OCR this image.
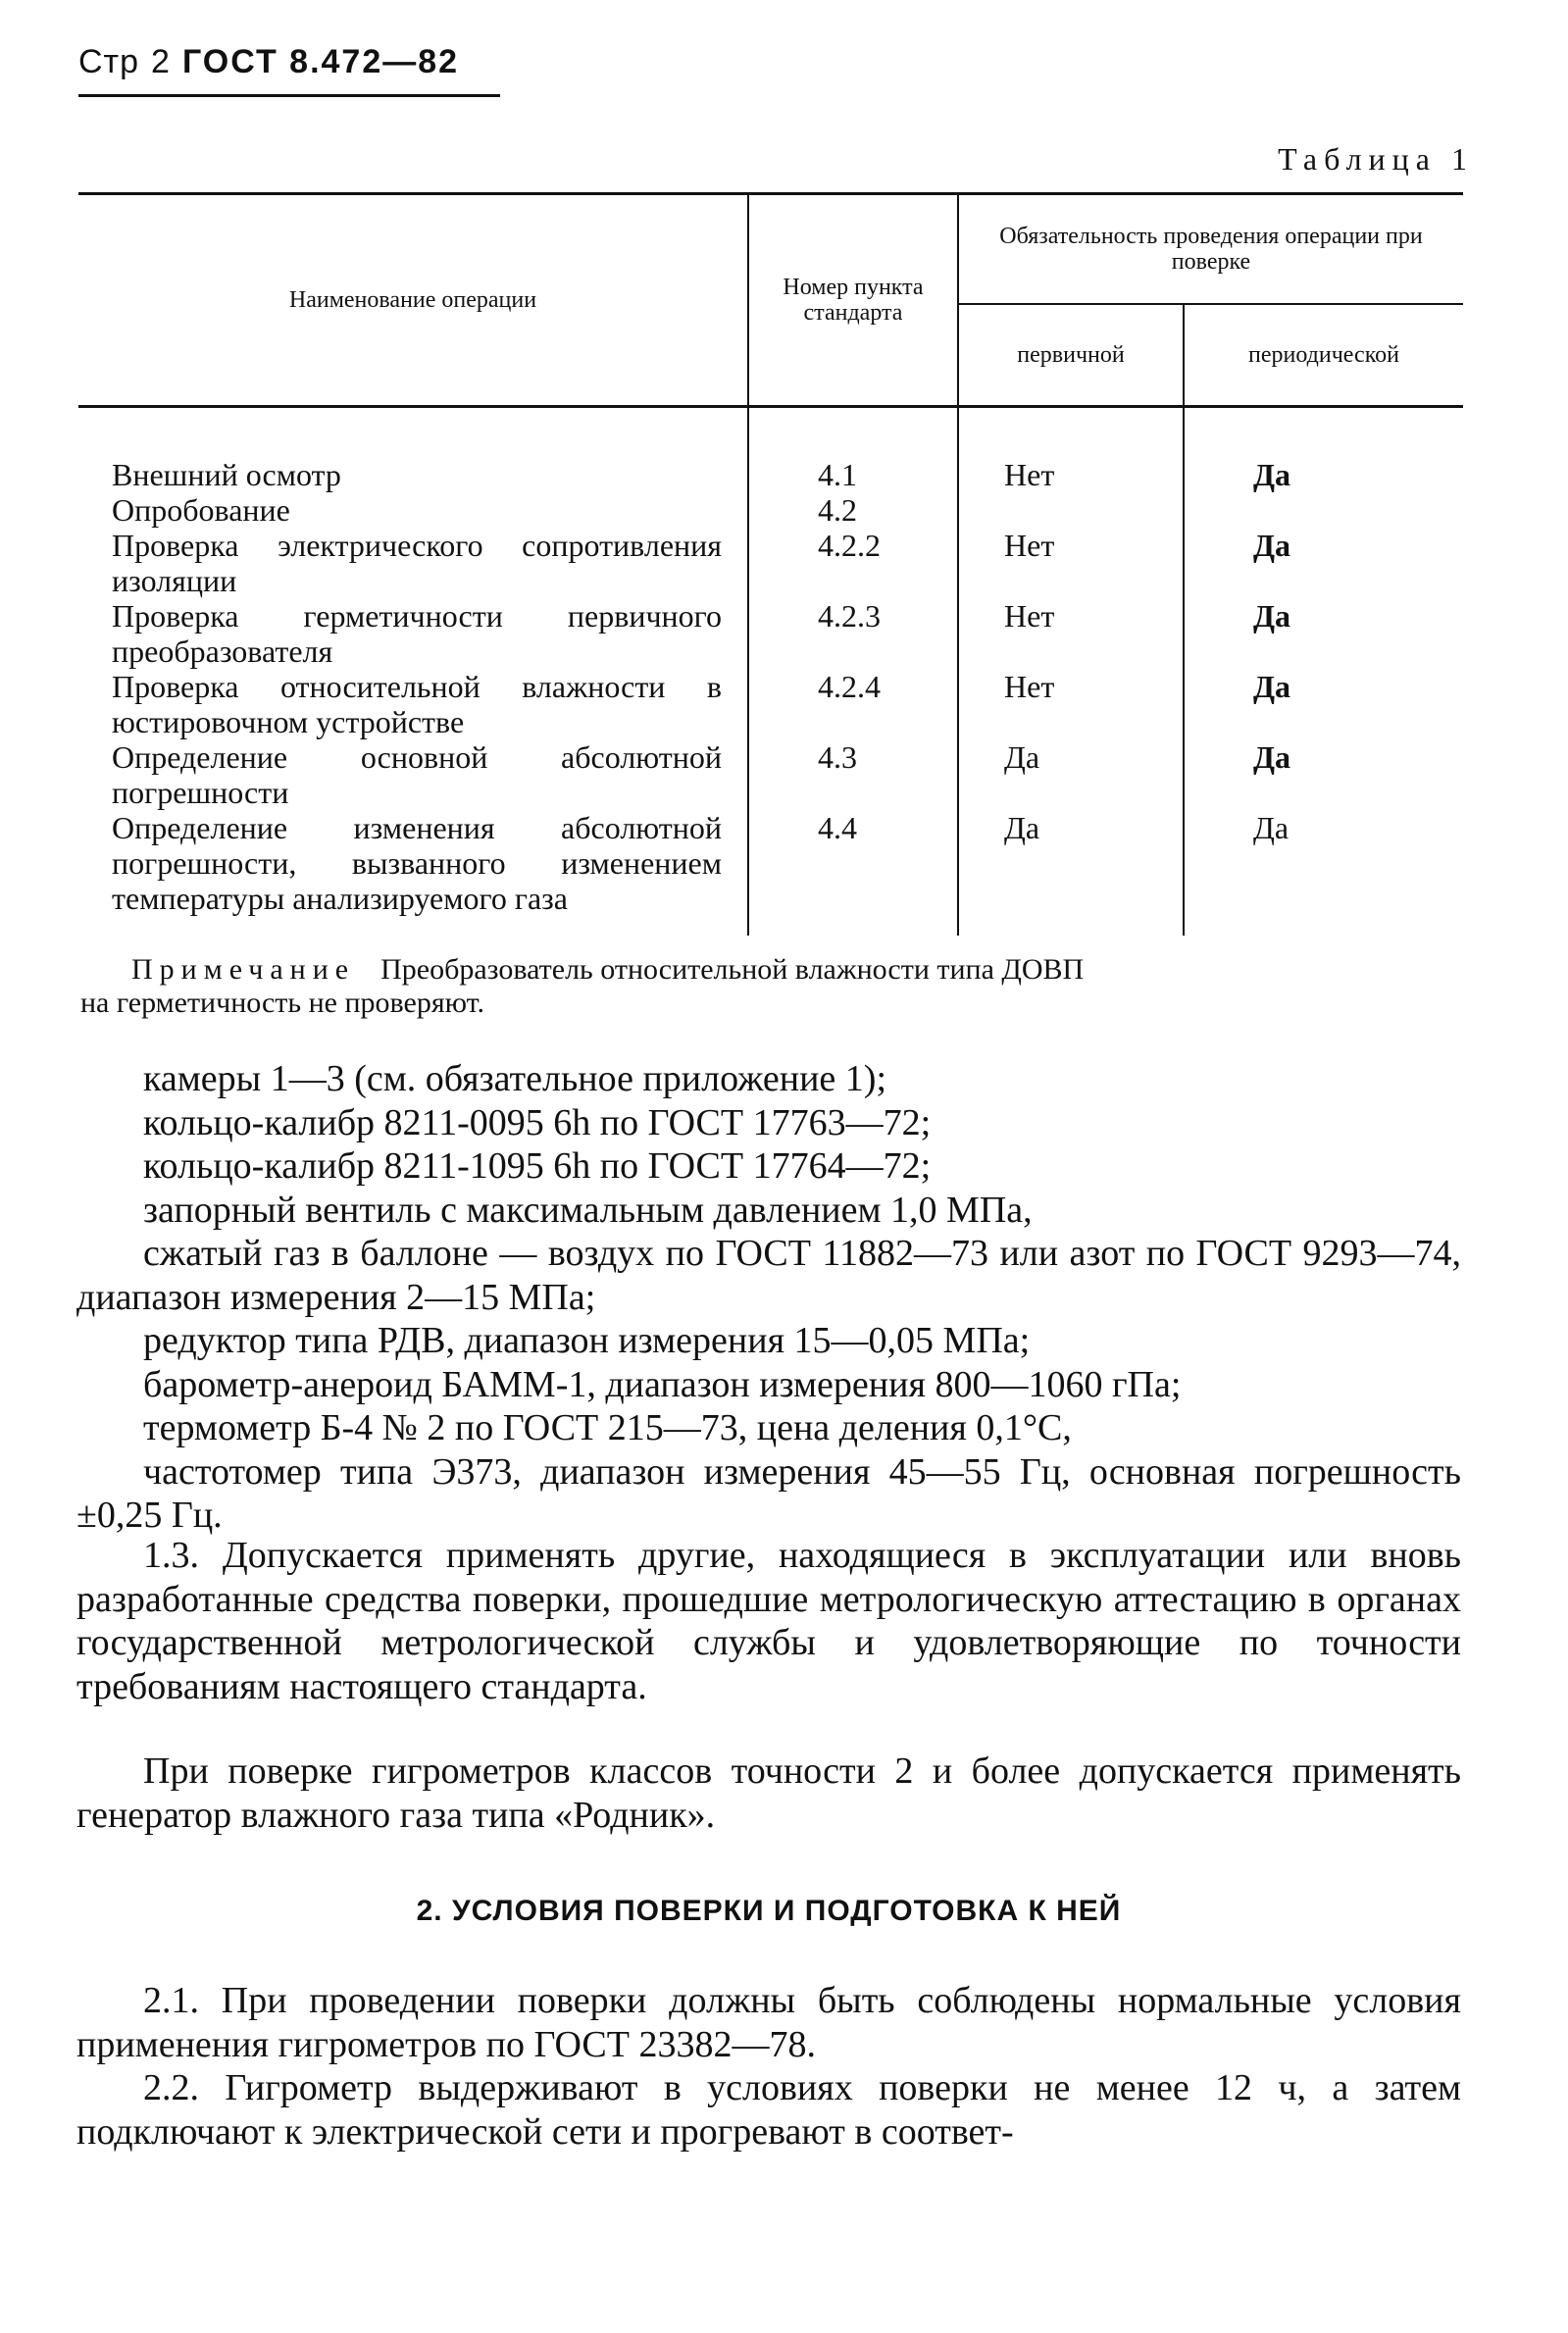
Стр 2 ГОСТ 8.472—82
Таблица 1
Наименование операции	Номер пункта стандарта	Обязательность проведения операции при поверке	
		первичной	периодической
Внешний осмотр	4.1	Нет	Да
Опробование	4.2		
Проверка электрического сопротивления изоляции	4.2.2	Нет	Да
Проверка герметичности первичного преобразователя	4.2.3	Нет	Да
Проверка относительной влажности в юстировочном устройстве	4.2.4	Нет	Да
Определение основной абсолютной погрешности	4.3	Да	Да
Определение изменения абсолютной погрешности, вызванного изменением температуры анализируемого газа	4.4	Да	Да
Примечание Преобразователь относительной влажности типа ДОВП
на герметичность не проверяют.
камеры 1—3 (см. обязательное приложение 1);
кольцо-калибр 8211-0095 6h по ГОСТ 17763—72;
кольцо-калибр 8211-1095 6h по ГОСТ 17764—72;
запорный вентиль с максимальным давлением 1,0 МПа,
сжатый газ в баллоне — воздух по ГОСТ 11882—73 или азот по ГОСТ 9293—74, диапазон измерения 2—15 МПа;
редуктор типа РДВ, диапазон измерения 15—0,05 МПа;
барометр-анероид БАММ-1, диапазон измерения 800—1060 гПа;
термометр Б-4 № 2 по ГОСТ 215—73, цена деления 0,1°С,
частотомер типа Э373, диапазон измерения 45—55 Гц, основная погрешность ±0,25 Гц.
1.3. Допускается применять другие, находящиеся в эксплуатации или вновь разработанные средства поверки, прошедшие метрологическую аттестацию в органах государственной метрологической службы и удовлетворяющие по точности требованиям настоящего стандарта.
При поверке гигрометров классов точности 2 и более допускается применять генератор влажного газа типа «Родник».
2. УСЛОВИЯ ПОВЕРКИ И ПОДГОТОВКА К НЕЙ
2.1. При проведении поверки должны быть соблюдены нормальные условия применения гигрометров по ГОСТ 23382—78.
2.2. Гигрометр выдерживают в условиях поверки не менее 12 ч, а затем подключают к электрической сети и прогревают в соответ-
